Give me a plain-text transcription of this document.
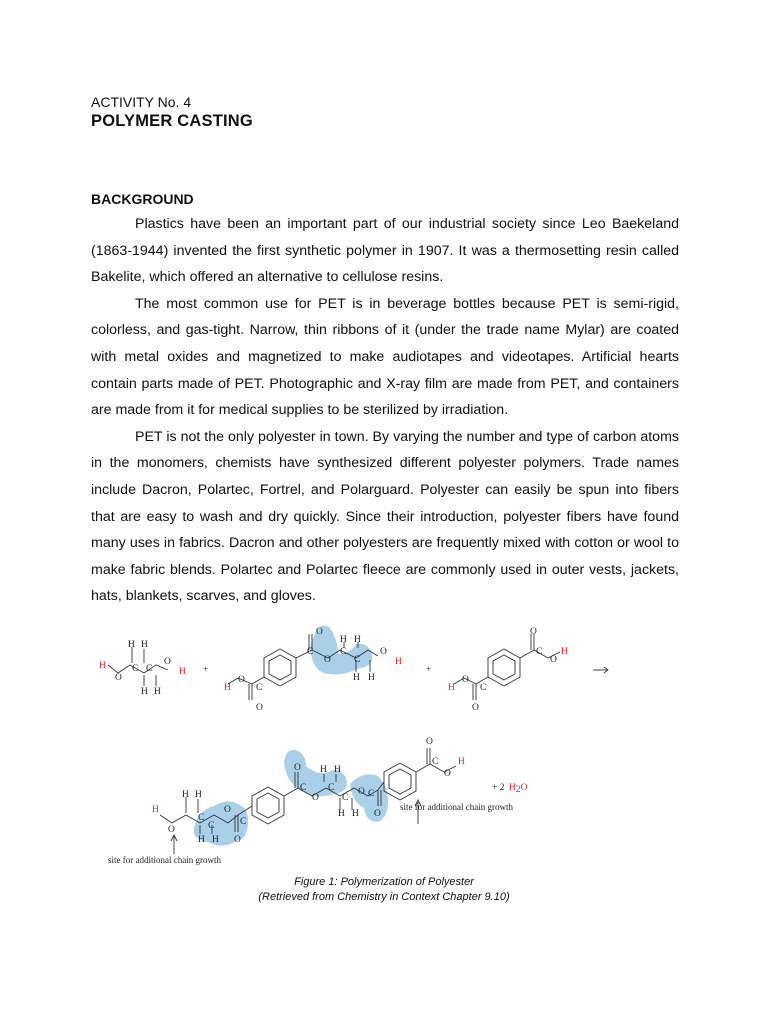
ACTIVITY No. 4
POLYMER CASTING
BACKGROUND

Plastics have been an important part of our industrial society since Leo Baekeland (1863-1944) invented the first synthetic polymer in 1907. It was a thermosetting resin called Bakelite, which offered an alternative to cellulose resins.

The most common use for PET is in beverage bottles because PET is semi-rigid, colorless, and gas-tight. Narrow, thin ribbons of it (under the trade name Mylar) are coated with metal oxides and magnetized to make audiotapes and videotapes. Artificial hearts contain parts made of PET. Photographic and X-ray film are made from PET, and containers are made from it for medical supplies to be sterilized by irradiation.

PET is not the only polyester in town. By varying the number and type of carbon atoms in the monomers, chemists have synthesized different polyester polymers. Trade names include Dacron, Polartec, Fortrel, and Polarguard. Polyester can easily be spun into fibers that are easy to wash and dry quickly. Since their introduction, polyester fibers have found many uses in fabrics. Dacron and other polyesters are frequently mixed with cotton or wool to make fabric blends. Polartec and Polartec fleece are commonly used in outer vests, jackets, hats, blankets, scarves, and gloves.

H H
C C
H
O
O
H
H H
+
O
C
O
H H
C
C
O
H
H H
H
O
C
O
+
O
C
O
H
H
O
C
O
H H
H
O
C
C
H H
O
C
O
O
C
O
H H
C
C
H H
O C
O
O
C
O
H
+ 2 H2O
site for additional chain growth
site for additional chain growth
Figure 1: Polymerization of Polyester
(Retrieved from Chemistry in Context Chapter 9.10)
